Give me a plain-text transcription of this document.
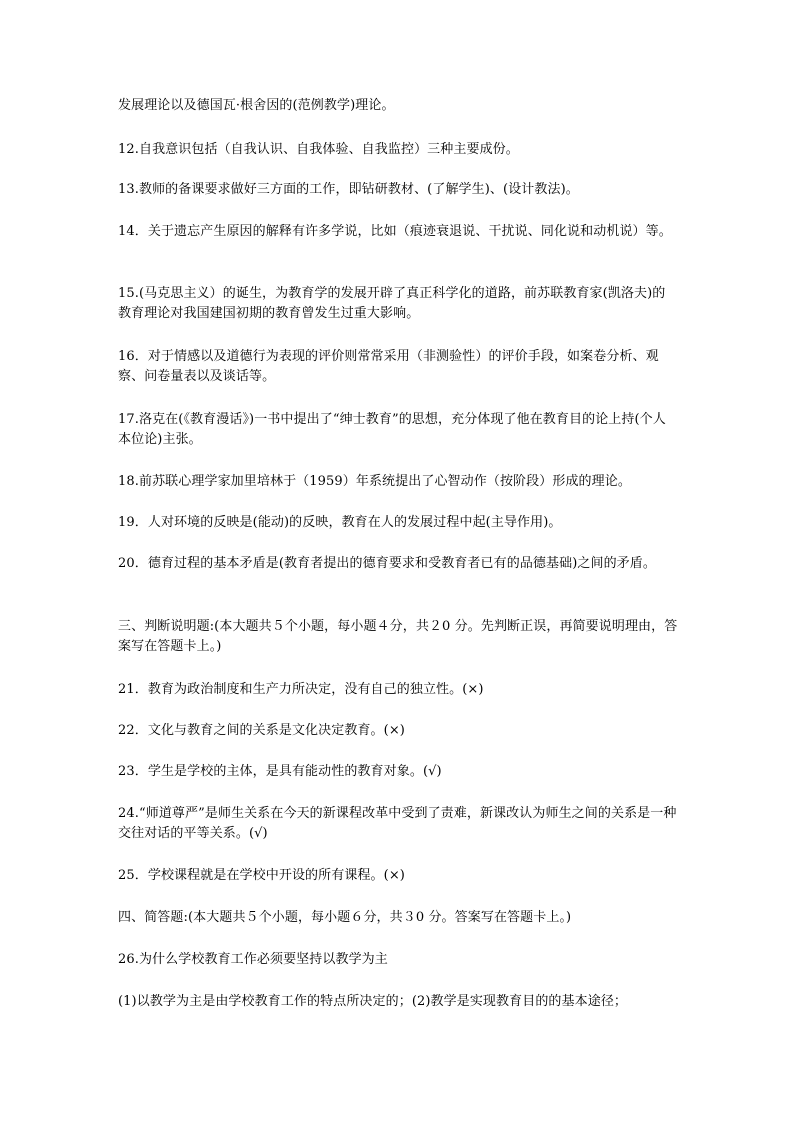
发展理论以及德国瓦·根舍因的(范例教学)理论。

12.自我意识包括（自我认识、自我体验、自我监控）三种主要成份。

13.教师的备课要求做好三方面的工作，即钻研教材、(了解学生)、(设计教法)。

14．关于遗忘产生原因的解释有许多学说，比如（痕迹衰退说、干扰说、同化说和动机说）等。

15.(马克思主义）的诞生，为教育学的发展开辟了真正科学化的道路，前苏联教育家(凯洛夫)的教育理论对我国建国初期的教育曾发生过重大影响。

16．对于情感以及道德行为表现的评价则常常采用（非测验性）的评价手段，如案卷分析、观察、问卷量表以及谈话等。

17.洛克在(《教育漫话》)一书中提出了“绅士教育”的思想，充分体现了他在教育目的论上持(个人本位论)主张。

18.前苏联心理学家加里培林于（1959）年系统提出了心智动作（按阶段）形成的理论。

19．人对环境的反映是(能动)的反映，教育在人的发展过程中起(主导作用)。

20．德育过程的基本矛盾是(教育者提出的德育要求和受教育者已有的品德基础)之间的矛盾。

三、判断说明题:(本大题共５个小题，每小题４分，共２0 分。先判断正误，再简要说明理由，答案写在答题卡上。)

21．教育为政治制度和生产力所决定，没有自己的独立性。(×)

22．文化与教育之间的关系是文化决定教育。(×)

23．学生是学校的主体，是具有能动性的教育对象。(√)

24.“师道尊严”是师生关系在今天的新课程改革中受到了责难，新课改认为师生之间的关系是一种交往对话的平等关系。(√)

25．学校课程就是在学校中开设的所有课程。(×)

四、简答题:(本大题共５个小题，每小题６分，共３0 分。答案写在答题卡上。)

26.为什么学校教育工作必须要坚持以教学为主

(1)以教学为主是由学校教育工作的特点所决定的；(2)教学是实现教育目的的基本途径；
